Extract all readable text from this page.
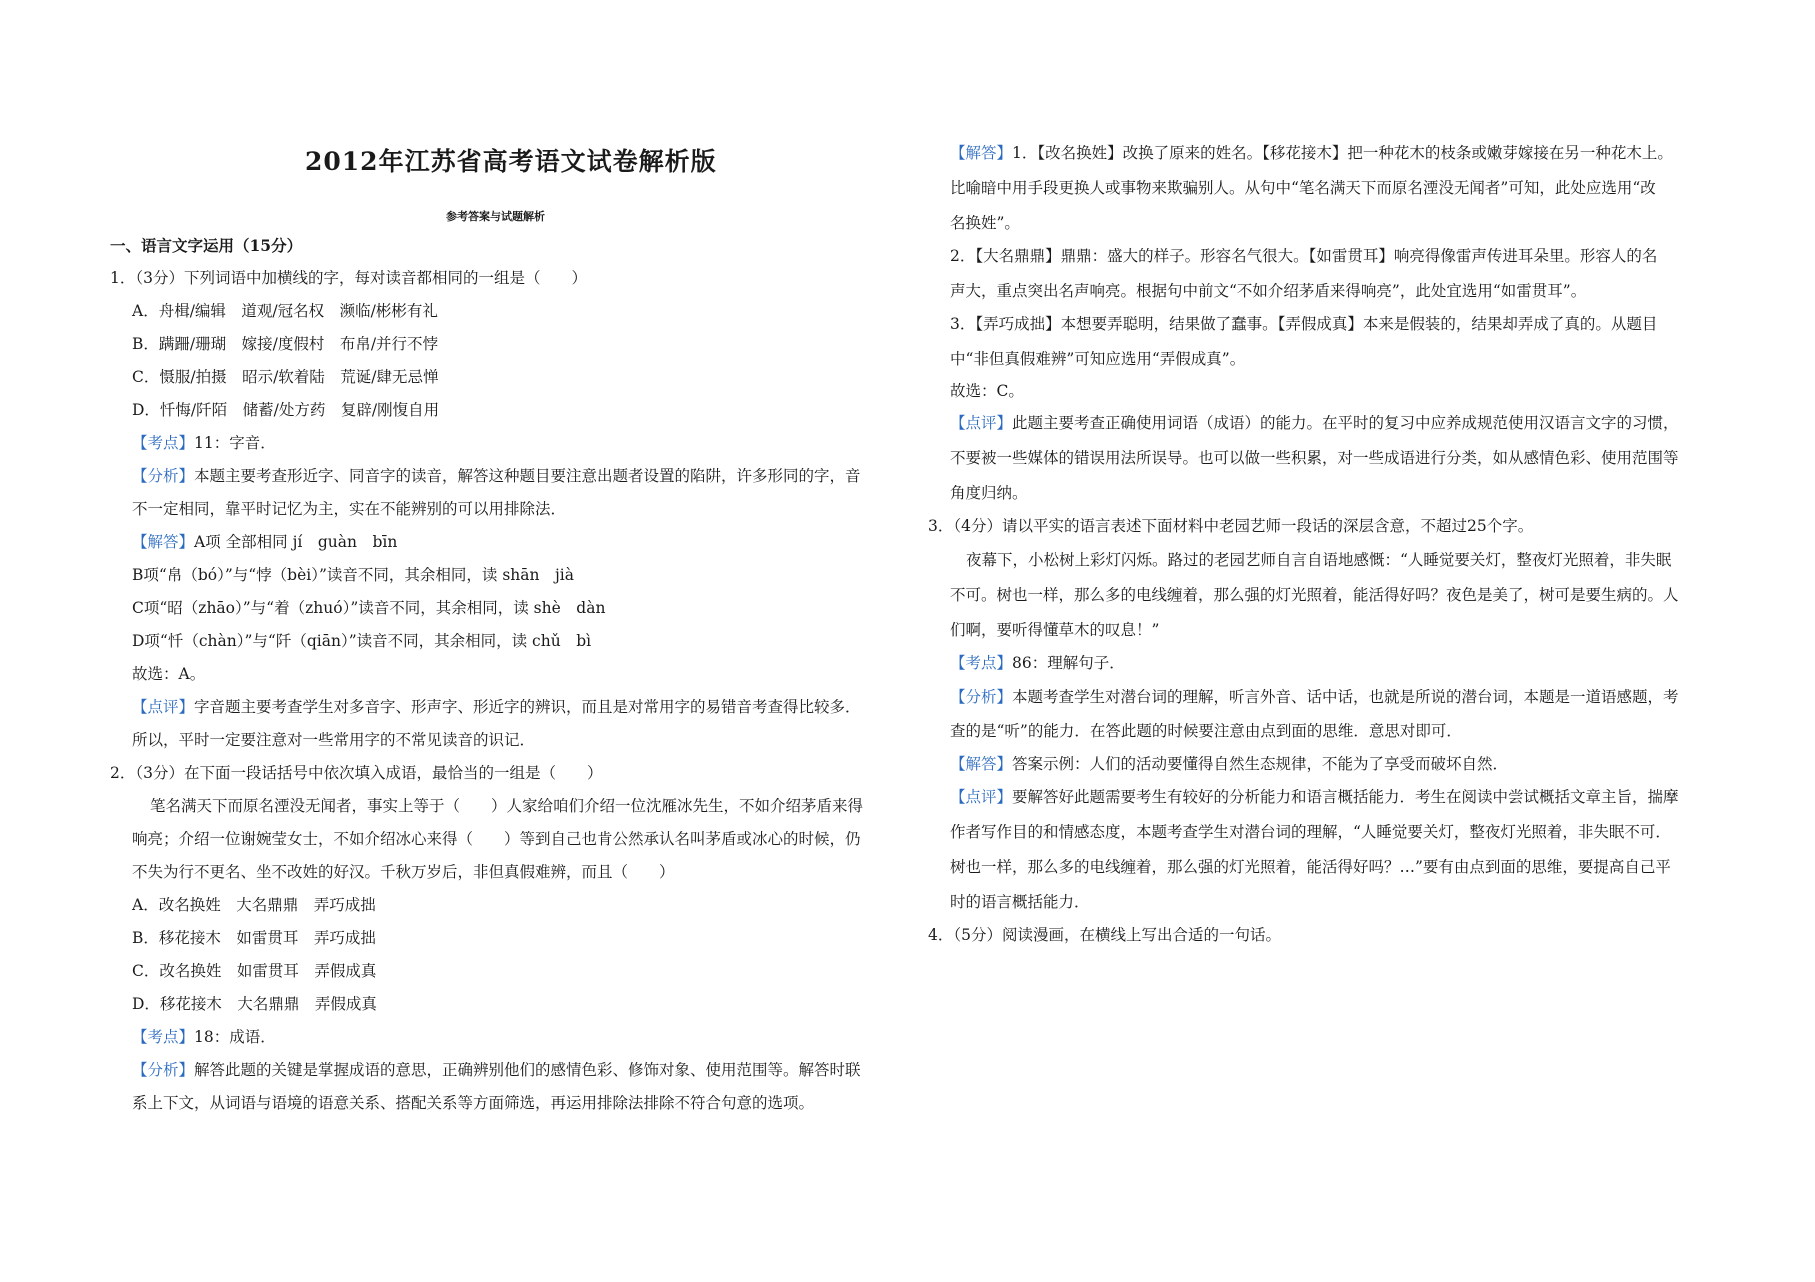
2012年江苏省高考语文试卷解析版
参考答案与试题解析
一、语言文字运用（15分）
1．（3分）下列词语中加横线的字，每对读音都相同的一组是（　　）
A．舟楫/编辑　道观/冠名权　濒临/彬彬有礼
B．蹒跚/珊瑚　嫁接/度假村　布帛/并行不悖
C．慑服/拍摄　昭示/软着陆　荒诞/肆无忌惮
D．忏悔/阡陌　储蓄/处方药　复辟/刚愎自用
【考点】11：字音．
【分析】本题主要考查形近字、同音字的读音，解答这种题目要注意出题者设置的陷阱，许多形同的字，音
不一定相同，靠平时记忆为主，实在不能辨别的可以用排除法．
【解答】A项 全部相同 jí　guàn　bīn
B项“帛（bó）”与“悖（bèi）”读音不同，其余相同，读 shān　jià
C项“昭（zhāo）”与“着（zhuó）”读音不同，其余相同，读 shè　dàn
D项“忏（chàn）”与“阡（qiān）”读音不同，其余相同，读 chǔ　bì
故选：A。
【点评】字音题主要考查学生对多音字、形声字、形近字的辨识，而且是对常用字的易错音考查得比较多．
所以，平时一定要注意对一些常用字的不常见读音的识记．
2．（3分）在下面一段话括号中依次填入成语，最恰当的一组是（　　）
笔名满天下而原名湮没无闻者，事实上等于（　　）人家给咱们介绍一位沈雁冰先生，不如介绍茅盾来得
响亮；介绍一位谢婉莹女士，不如介绍冰心来得（　　）等到自己也肯公然承认名叫茅盾或冰心的时候，仍
不失为行不更名、坐不改姓的好汉。千秋万岁后，非但真假难辨，而且（　　）
A．改名换姓　大名鼎鼎　弄巧成拙
B．移花接木　如雷贯耳　弄巧成拙
C．改名换姓　如雷贯耳　弄假成真
D．移花接木　大名鼎鼎　弄假成真
【考点】18：成语．
【分析】解答此题的关键是掌握成语的意思，正确辨别他们的感情色彩、修饰对象、使用范围等。解答时联
系上下文，从词语与语境的语意关系、搭配关系等方面筛选，再运用排除法排除不符合句意的选项。
【解答】1．【改名换姓】改换了原来的姓名。【移花接木】把一种花木的枝条或嫩芽嫁接在另一种花木上。
比喻暗中用手段更换人或事物来欺骗别人。从句中“笔名满天下而原名湮没无闻者”可知，此处应选用“改
名换姓”。
2．【大名鼎鼎】鼎鼎：盛大的样子。形容名气很大。【如雷贯耳】响亮得像雷声传进耳朵里。形容人的名
声大，重点突出名声响亮。根据句中前文“不如介绍茅盾来得响亮”，此处宜选用“如雷贯耳”。
3．【弄巧成拙】本想要弄聪明，结果做了蠢事。【弄假成真】本来是假装的，结果却弄成了真的。从题目
中“非但真假难辨”可知应选用“弄假成真”。
故选：C。
【点评】此题主要考查正确使用词语（成语）的能力。在平时的复习中应养成规范使用汉语言文字的习惯，
不要被一些媒体的错误用法所误导。也可以做一些积累，对一些成语进行分类，如从感情色彩、使用范围等
角度归纳。
3．（4分）请以平实的语言表述下面材料中老园艺师一段话的深层含意，不超过25个字。
夜幕下，小松树上彩灯闪烁。路过的老园艺师自言自语地感慨：“人睡觉要关灯，整夜灯光照着，非失眠
不可。树也一样，那么多的电线缠着，那么强的灯光照着，能活得好吗？夜色是美了，树可是要生病的。人
们啊，要听得懂草木的叹息！”
【考点】86：理解句子．
【分析】本题考查学生对潜台词的理解，听言外音、话中话，也就是所说的潜台词，本题是一道语感题，考
查的是“听”的能力．在答此题的时候要注意由点到面的思维．意思对即可．
【解答】答案示例：人们的活动要懂得自然生态规律，不能为了享受而破坏自然．
【点评】要解答好此题需要考生有较好的分析能力和语言概括能力．考生在阅读中尝试概括文章主旨，揣摩
作者写作目的和情感态度，本题考查学生对潜台词的理解，“人睡觉要关灯，整夜灯光照着，非失眠不可．
树也一样，那么多的电线缠着，那么强的灯光照着，能活得好吗？…”要有由点到面的思维，要提高自己平
时的语言概括能力．
4．（5分）阅读漫画，在横线上写出合适的一句话。
